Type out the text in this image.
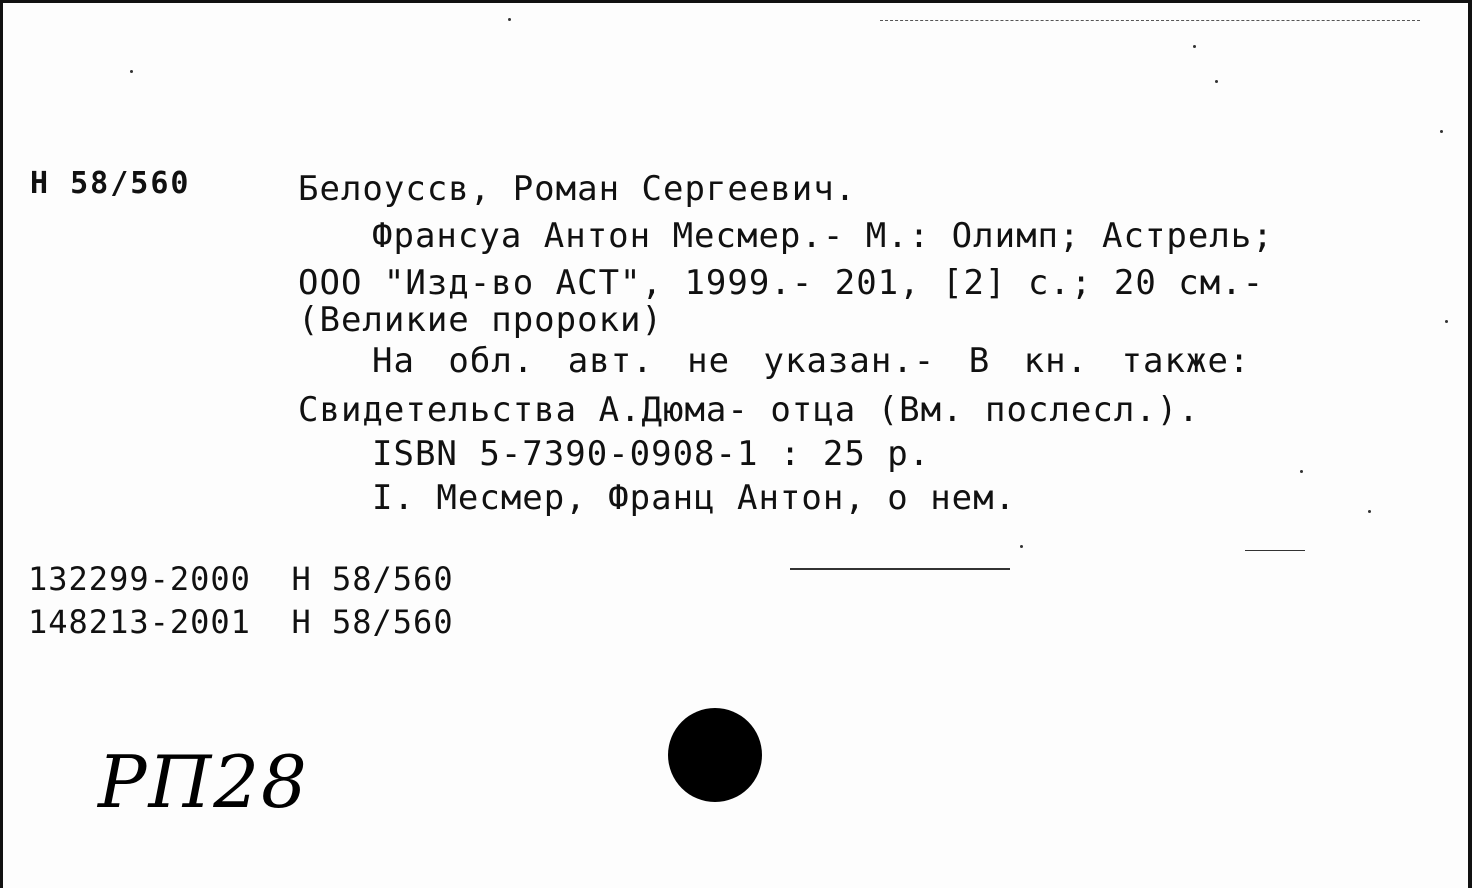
Н 58/560	Белоуссв, Роман Сергеевич.
Франсуа Антон Месмер.- М.: Олимп; Астрель;
ООО "Изд-во АСТ", 1999.- 201, [2] с.; 20 см.-
(Великие пророки)
На обл. авт. не указан.- В кн. также:
Свидетельства А.Дюма- отца (Вм. послесл.).
ISBN 5-7390-0908-1 : 25 р.
I. Месмер, Франц Антон, о нем.
132299-2000 Н 58/560
148213-2001 Н 58/560
РП28
